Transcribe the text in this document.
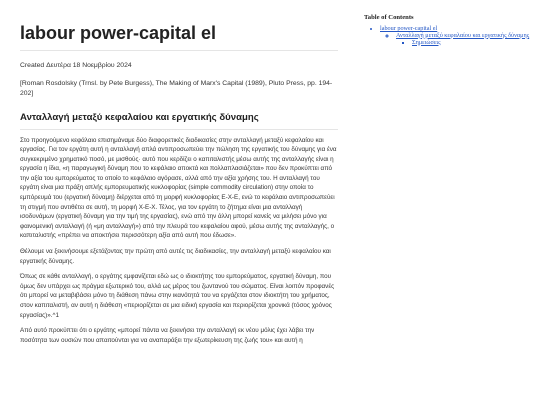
labour power-capital el

Created Δευτέρα 18 Νοεμβρίου 2024

[Roman Rosdolsky (Trnsl. by Pete Burgess), The Making of Marx's Capital (1989), Pluto Press, pp. 194-202]

Ανταλλαγή μεταξύ κεφαλαίου και εργατικής δύναμης

Στο προηγούμενο κεφάλαιο επισημάναμε δύο διαφορετικές διαδικασίες στην ανταλλαγή μεταξύ κεφαλαίου και εργασίας. Για τον εργάτη αυτή η ανταλλαγή απλά αντιπροσωπεύει την πώληση της εργατικής του δύναμης για ένα συγκεκριμένο χρηματικό ποσό, με μισθούς· αυτό που κερδίζει ο καπιταλιστής μέσω αυτής της ανταλλαγής είναι η εργασία η ίδια, «η παραγωγική δύναμη που το κεφάλαιο αποκτά και πολλαπλασιάζεται» που δεν προκύπτει από την αξία του εμπορεύματος το οποίο το κεφάλαιο αγόρασε, αλλά από την αξία χρήσης του. Η ανταλλαγή του εργάτη είναι μια πράξη απλής εμπορευματικής κυκλοφορίας (simple commodity circulation) στην οποία το εμπόρευμά του (εργατική δύναμη) διέρχεται από τη μορφή κυκλοφορίας Ε-Χ-Ε, ενώ το κεφάλαιο αντιπροσωπεύει τη στιγμή που αντιθέτει σε αυτή, τη μορφή Χ-Ε-Χ. Τέλος, για τον εργάτη το ζήτημα είναι μια ανταλλαγή ισοδυνάμων (εργατική δύναμη για την τιμή της εργασίας), ενώ από την άλλη μπορεί κανείς να μιλήσει μόνο για φαινομενική ανταλλαγή (ή «μη ανταλλαγή») από την πλευρά του κεφαλαίου αφού, μέσω αυτής της ανταλλαγής, ο καπιταλιστής «πρέπει να αποκτήσει περισσότερη αξία από αυτή που έδωσε».

Θέλουμε να ξεκινήσουμε εξετάζοντας την πρώτη από αυτές τις διαδικασίες, την ανταλλαγή μεταξύ κεφαλαίου και εργατικής δύναμης.

Όπως σε κάθε ανταλλαγή, ο εργάτης εμφανίζεται εδώ ως ο ιδιοκτήτης του εμπορεύματος, εργατική δύναμη, που όμως δεν υπάρχει ως πράγμα εξωτερικό του, αλλά ως μέρος του ζωντανού του σώματος. Είναι λοιπόν προφανές ότι μπορεί να μεταβιβάσει μόνο τη διάθεση πάνω στην ικανότητά του να εργάζεται στον ιδιοκτήτη του χρήματος, στον καπιταλιστή, αν αυτή η διάθεση «περιορίζεται σε μια ειδική εργασία και περιορίζεται χρονικά (τόσος χρόνος εργασίας)».^1

Από αυτό προκύπτει ότι ο εργάτης «μπορεί πάντα να ξεκινήσει την ανταλλαγή εκ νέου μόλις έχει λάβει την ποσότητα των ουσιών που απαιτούνται για να αναπαράξει την εξωτερίκευση της ζωής του» και αυτή η

Table of Contents
• labour power-capital el
◦ Ανταλλαγή μεταξύ κεφαλαίου και εργατικής δύναμης
▪ Σημειώσεις
